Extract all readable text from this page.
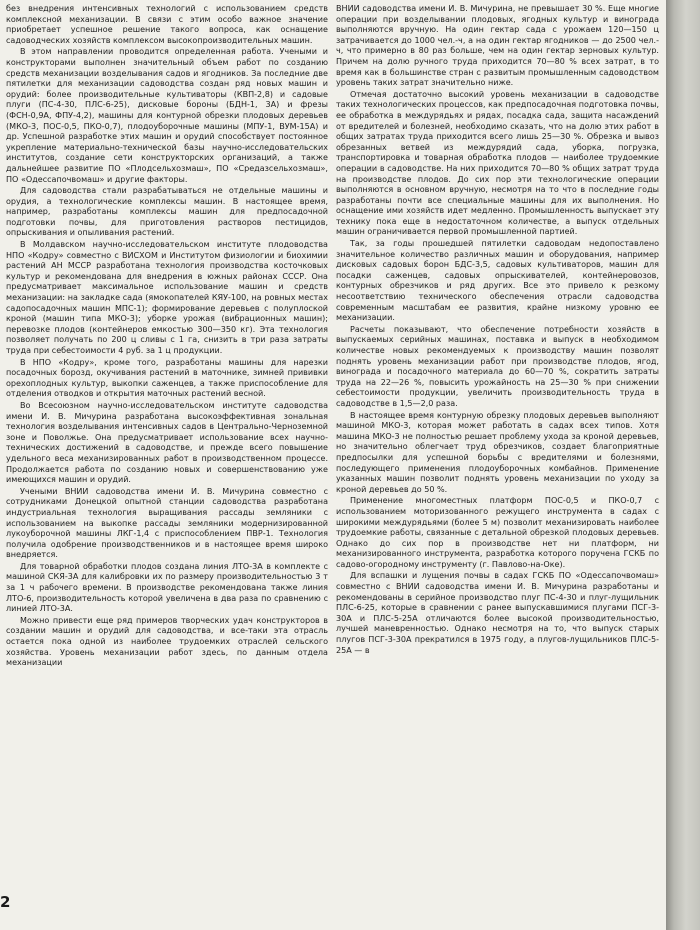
без внедрения интенсивных технологий с использованием средств комплексной механизации. В связи с этим особо важное значение приобретает успешное решение такого вопроса, как оснащение садоводческих хозяйств комплексом высокопроизводительных машин.

В этом направлении проводится определенная работа. Учеными и конструкторами выполнен значительный объем работ по созданию средств механизации возделывания садов и ягодников. За последние две пятилетки для механизации садоводства создан ряд новых машин и орудий: более производительные культиваторы (КВП-2,8) и садовые плуги (ПС-4-30, ПЛС-6-25), дисковые бороны (БДН-1, 3А) и фрезы (ФСН-0,9А, ФПУ-4,2), машины для контурной обрезки плодовых деревьев (МКО-3, ПОС-0,5, ПКО-0,7), плодоуборочные машины (МПУ-1, ВУМ-15А) и др. Успешной разработке этих машин и орудий способствует постоянное укрепление материально-технической базы научно-исследовательских институтов, создание сети конструкторских организаций, а также дальнейшее развитие ПО «Плодсельхозмаш», ПО «Средазсельхозмаш», ПО «Одессапочвомаш» и другие факторы.

Для садоводства стали разрабатываться не отдельные машины и орудия, а технологические комплексы машин. В настоящее время, например, разработаны комплексы машин для предпосадочной подготовки почвы, для приготовления растворов пестицидов, опрыскивания и опыливания растений.

В Молдавском научно-исследовательском институте плодоводства НПО «Кодру» совместно с ВИСХОМ и Институтом физиологии и биохимии растений АН МССР разработана технология производства косточковых культур и рекомендована для внедрения в южных районах СССР. Она предусматривает максимальное использование машин и средств механизации: на закладке сада (ямокопателей КЯУ-100, на ровных местах садопосадочных машин МПС-1); формирование деревьев с полуплоской кроной (машин типа МКО-3); уборке урожая (вибрационных машин); перевозке плодов (контейнеров емкостью 300—350 кг). Эта технология позволяет получать по 200 ц сливы с 1 га, снизить в три раза затраты труда при себестоимости 4 руб. за 1 ц продукции.

В НПО «Кодру», кроме того, разработаны машины для нарезки посадочных борозд, окучивания растений в маточнике, зимней прививки орехоплодных культур, выкопки саженцев, а также приспособление для отделения отводков и открытия маточных растений весной.

Во Всесоюзном научно-исследовательском институте садоводства имени И. В. Мичурина разработана высокоэффективная зональная технология возделывания интенсивных садов в Центрально-Черноземной зоне и Поволжье. Она предусматривает использование всех научно-технических достижений в садоводстве, и прежде всего повышение удельного веса механизированных работ в производственном процессе. Продолжается работа по созданию новых и совершенствованию уже имеющихся машин и орудий.

Учеными ВНИИ садоводства имени И. В. Мичурина совместно с сотрудниками Донецкой опытной станции садоводства разработана индустриальная технология выращивания рассады земляники с использованием на выкопке рассады земляники модернизированной лукоуборочной машины ЛКГ-1,4 с приспособлением ПВР-1. Технология получила одобрение производственников и в настоящее время широко внедряется.

Для товарной обработки плодов создана линия ЛТО-3А в комплекте с машиной СКЯ-3А для калибровки их по размеру производительностью 3 т за 1 ч рабочего времени. В производстве рекомендована также линия ЛТО-6, производительность которой увеличена в два раза по сравнению с линией ЛТО-3А.

Можно привести еще ряд примеров творческих удач конструкторов в создании машин и орудий для садоводства, и все-таки эта отрасль остается пока одной из наиболее трудоемких отраслей сельского хозяйства. Уровень механизации работ здесь, по данным отдела механизации

ВНИИ садоводства имени И. В. Мичурина, не превышает 30 %. Еще многие операции при возделывании плодовых, ягодных культур и винограда выполняются вручную. На один гектар сада с урожаем 120—150 ц затрачивается до 1000 чел.-ч, а на один гектар ягодников — до 2500 чел.-ч, что примерно в 80 раз больше, чем на один гектар зерновых культур. Причем на долю ручного труда приходится 70—80 % всех затрат, в то время как в большинстве стран с развитым промышленным садоводством уровень таких затрат значительно ниже.

Отмечая достаточно высокий уровень механизации в садоводстве таких технологических процессов, как предпосадочная подготовка почвы, ее обработка в междурядьях и рядах, посадка сада, защита насаждений от вредителей и болезней, необходимо сказать, что на долю этих работ в общих затратах труда приходится всего лишь 25—30 %. Обрезка и вывоз обрезанных ветвей из междурядий сада, уборка, погрузка, транспортировка и товарная обработка плодов — наиболее трудоемкие операции в садоводстве. На них приходится 70—80 % общих затрат труда на производстве плодов. До сих пор эти технологические операции выполняются в основном вручную, несмотря на то что в последние годы разработаны почти все специальные машины для их выполнения. Но оснащение ими хозяйств идет медленно. Промышленность выпускает эту технику пока еще в недостаточном количестве, а выпуск отдельных машин ограничивается первой промышленной партией.

Так, за годы прошедшей пятилетки садоводам недопоставлено значительное количество различных машин и оборудования, например дисковых садовых борон БДС-3,5, садовых культиваторов, машин для посадки саженцев, садовых опрыскивателей, контейнеровозов, контурных обрезчиков и ряд других. Все это привело к резкому несоответствию технического обеспечения отрасли садоводства современным масштабам ее развития, крайне низкому уровню ее механизации.

Расчеты показывают, что обеспечение потребности хозяйств в выпускаемых серийных машинах, поставка и выпуск в необходимом количестве новых рекомендуемых к производству машин позволят поднять уровень механизации работ при производстве плодов, ягод, винограда и посадочного материала до 60—70 %, сократить затраты труда на 22—26 %, повысить урожайность на 25—30 % при снижении себестоимости продукции, увеличить производительность труда в садоводстве в 1,5—2,0 раза.

В настоящее время контурную обрезку плодовых деревьев выполняют машиной МКО-3, которая может работать в садах всех типов. Хотя машина МКО-3 не полностью решает проблему ухода за кроной деревьев, но значительно облегчает труд обрезчиков, создает благоприятные предпосылки для успешной борьбы с вредителями и болезнями, последующего применения плодоуборочных комбайнов. Применение указанных машин позволит поднять уровень механизации по уходу за кроной деревьев до 50 %.

Применение многоместных платформ ПОС-0,5 и ПКО-0,7 с использованием моторизованного режущего инструмента в садах с широкими междурядьями (более 5 м) позволит механизировать наиболее трудоемкие работы, связанные с детальной обрезкой плодовых деревьев. Однако до сих пор в производстве нет ни платформ, ни механизированного инструмента, разработка которого поручена ГСКБ по садово-огородному инструменту (г. Павлово-на-Оке).

Для вспашки и лущения почвы в садах ГСКБ ПО «Одессапочвомаш» совместно с ВНИИ садоводства имени И. В. Мичурина разработаны и рекомендованы в серийное производство плуг ПС-4-30 и плуг-лущильник ПЛС-6-25, которые в сравнении с ранее выпускавшимися плугами ПСГ-3-30А и ПЛС-5-25А отличаются более высокой производительностью, лучшей маневренностью. Однако несмотря на то, что выпуск старых плугов ПСГ-3-30А прекратился в 1975 году, а плугов-лущильников ПЛС-5-25А — в

2
